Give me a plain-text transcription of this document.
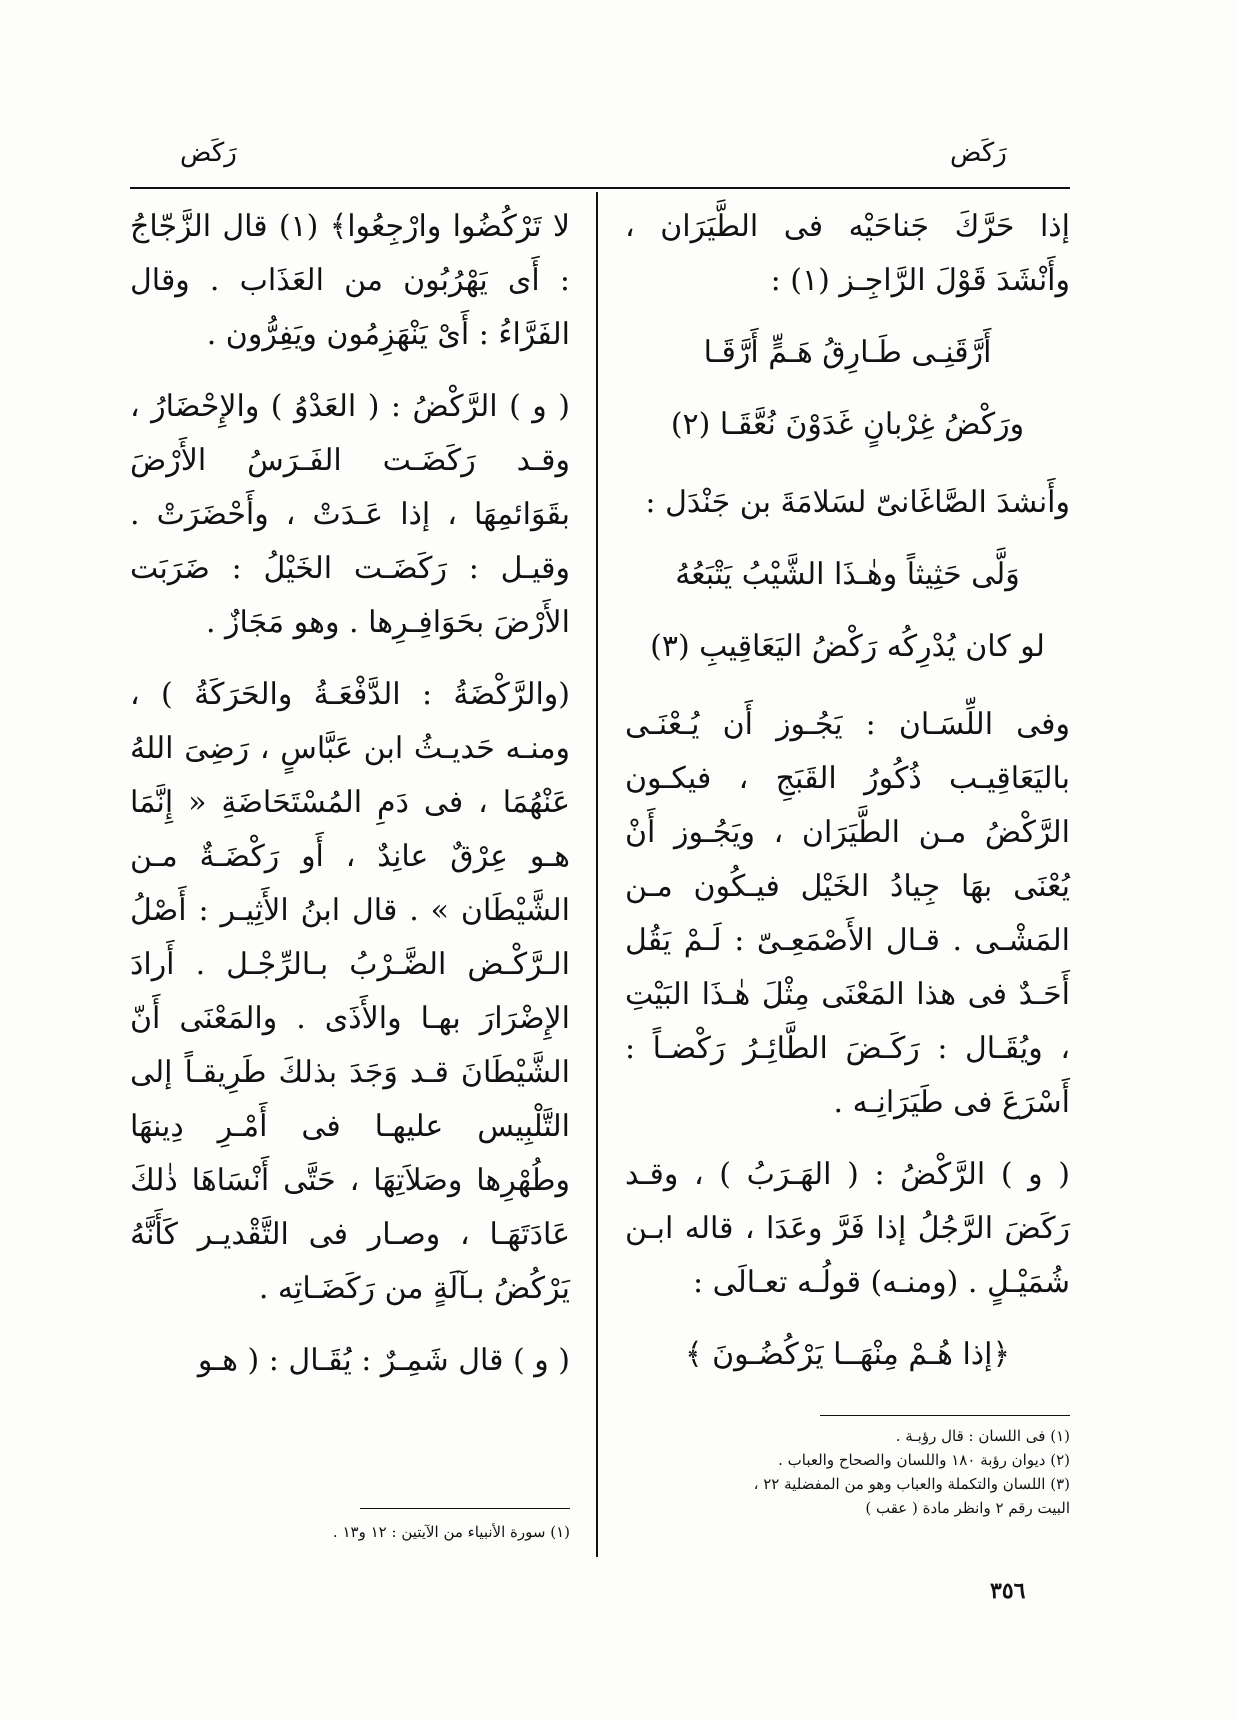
رَكَض	رَكَض

إذا حَرَّكَ جَناحَيْه فى الطَّيَرَان ، وأَنْشَدَ قَوْلَ الرَّاجِـز (١) :

أَرَّقَنِـى طَـارِقُ هَـمٍّ أَرَّقَـا

ورَكْضُ غِرْبانٍ غَدَوْنَ نُعَّقَـا (٢)

وأَنشدَ الصَّاغَانىّ لسَلامَةَ بن جَنْدَل :

وَلَّى حَثِيثاً وهٰـذَا الشَّيْبُ يَتْبَعُهُ

لو كان يُدْرِكُه رَكْضُ اليَعَاقِيبِ (٣)

وفى اللِّسَـان : يَجُـوز أَن يُـعْنَـى باليَعَاقِيـب ذُكُورُ القَبَجِ ، فيكـون الرَّكْضُ مـن الطَّيَرَان ، ويَجُـوز أَنْ يُعْنَى بهَا جِيادُ الخَيْل فيـكُون مـن المَشْـى . قـال الأَصْمَعِـىّ : لَـمْ يَقُل أَحَـدٌ فى هذا المَعْنَى مِثْلَ هٰـذَا البَيْتِ ، ويُقَـال : رَكَـضَ الطَّائِـرُ رَكْضـاً : أَسْرَعَ فى طَيَرَانِـه .

( و ) الرَّكْضُ : ( الهَـرَبُ ) ، وقـد رَكَضَ الرَّجُلُ إذا فَرَّ وعَدَا ، قاله ابـن شُمَيْـلٍ . (ومنـه) قولُـه تعـالَى :

﴿إذا هُـمْ مِنْهَــا يَرْكُضُـونَ ﴾

لا تَرْكُضُوا وارْجِعُوا﴾ (١) قال الزَّجّاجُ : أَى يَهْرُبُون من العَذَاب . وقال الفَرَّاءُ : أَىْ يَنْهَزِمُون ويَفِرُّون .

( و ) الرَّكْضُ : ( العَدْوُ ) والإِحْضَارُ ، وقـد رَكَضَـت الفَـرَسُ الأَرْضَ بقَوَائمِهَا ، إذا عَـدَتْ ، وأَحْضَرَتْ . وقيـل : رَكَضَـت الخَيْلُ : ضَرَبَت الأَرْضَ بحَوَافِـرِها . وهو مَجَازٌ .

(والرَّكْضَةُ : الدَّفْعَـةُ والحَرَكَةُ ) ، ومنـه حَديـثُ ابن عَبَّاسٍ ، رَضِىَ اللهُ عَنْهُمَا ، فى دَمِ المُسْتَحَاضَةِ « إِنَّمَا هـو عِرْقٌ عانِدٌ ، أَو رَكْضَـةٌ مـن الشَّيْطَان » . قال ابنُ الأَثِيـر : أَصْلُ الـرَّكْـض الضَّـرْبُ بـالرِّجْـل . أَرادَ الإِضْرَارَ بهـا والأَذَى . والمَعْنَى أَنّ الشَّيْطَانَ قـد وَجَدَ بذلكَ طَرِيقـاً إلى التَّلْبِيس عليهـا فى أَمْـرِ دِينهَا وطُهْرِها وصَلاَتِهَا ، حَتَّى أَنْسَاهَا ذٰلكَ عَادَتَهَـا ، وصـار فى التَّقْديـر كَأَنَّهُ يَرْكُضُ بـآلَةٍ من رَكَضَـاتِه .

( و ) قال شَمِـرٌ : يُقَـال : ( هـو

(١) فى اللسان : قال رؤبـة .
(٢) ديوان رؤبة ١٨٠ واللسان والصحاح والعباب .
(٣) اللسان والتكملة والعباب وهو من المفضلية ٢٢ ،
البيت رقم ٢ وانظر مادة ( عقب )
(١) سورة الأنبياء من الآيتين : ١٢ و١٣ .
٣٥٦
